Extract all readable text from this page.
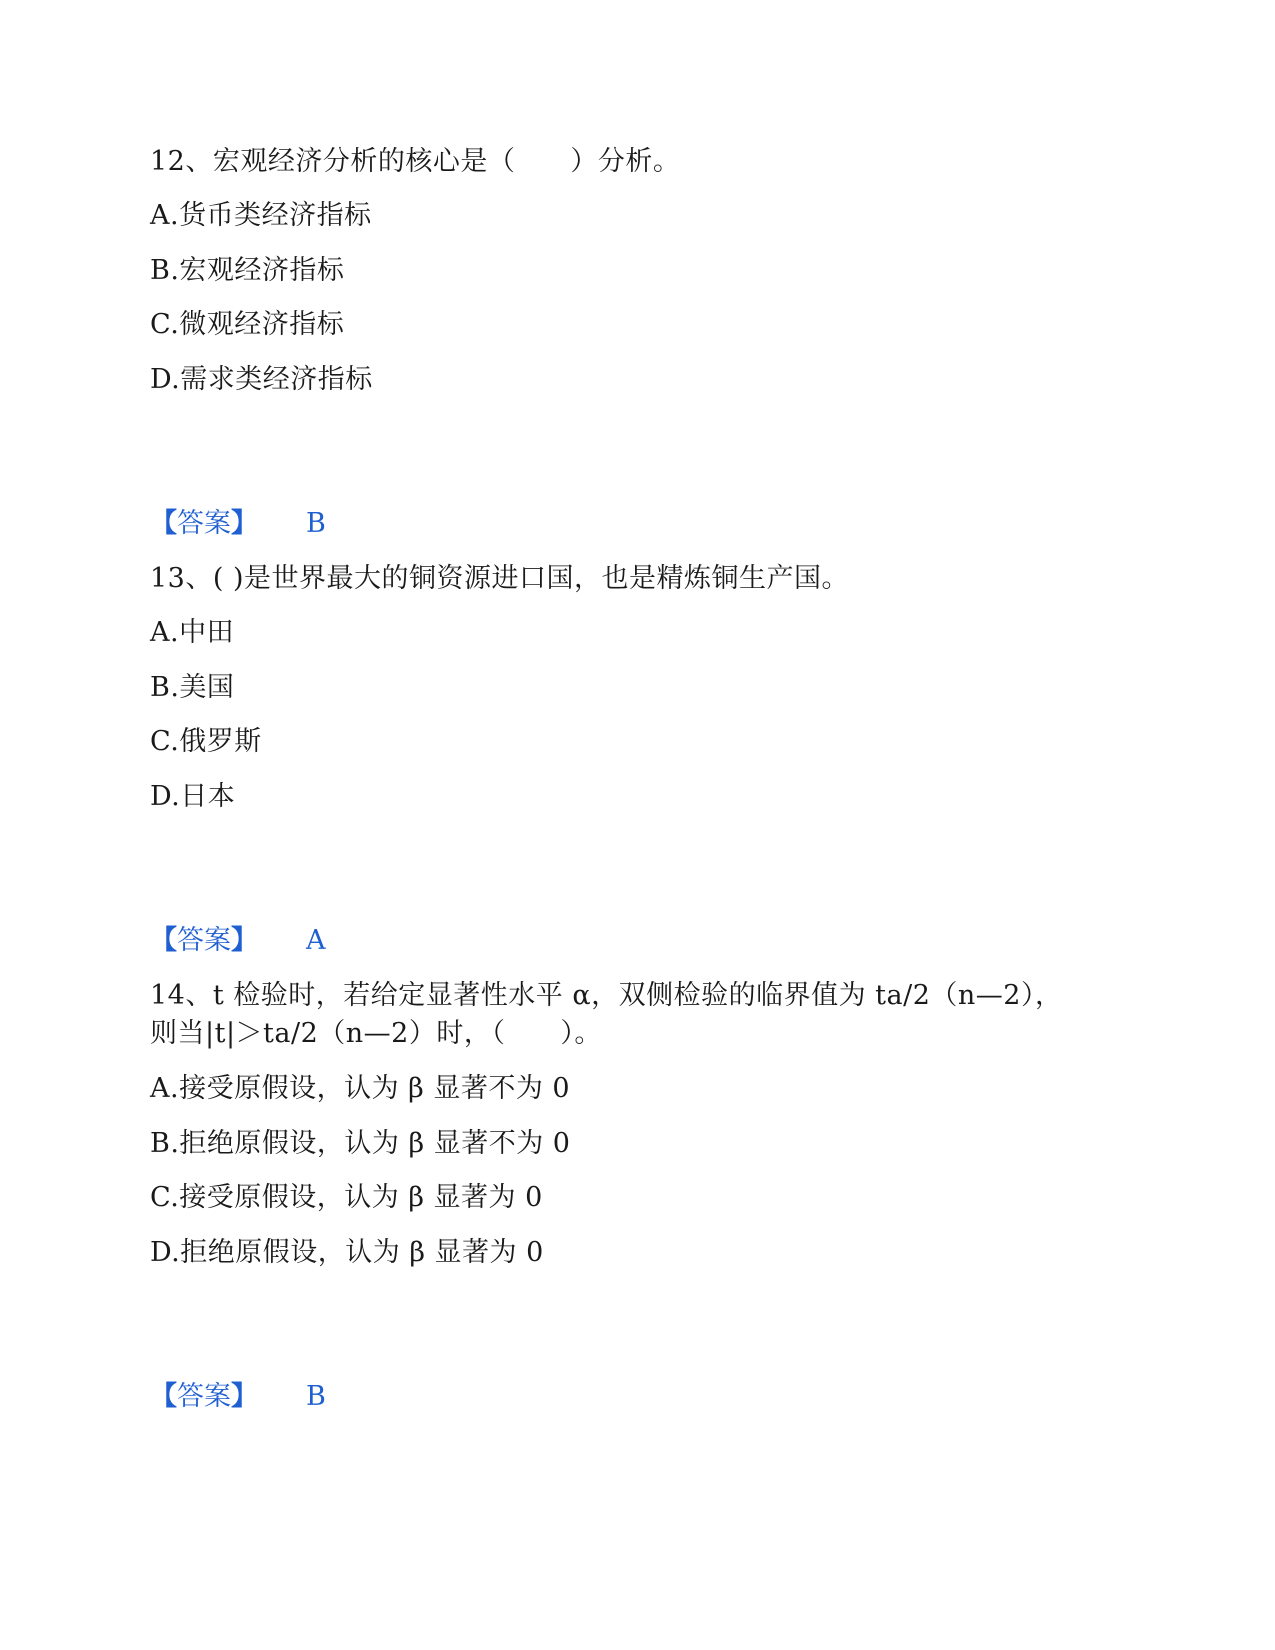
12、宏观经济分析的核心是（　　）分析。
A.货币类经济指标
B.宏观经济指标
C.微观经济指标
D.需求类经济指标
【答案】 B
13、( )是世界最大的铜资源进口国，也是精炼铜生产国。
A.中田
B.美国
C.俄罗斯
D.日本
【答案】 A
14、t 检验时，若给定显著性水平 α，双侧检验的临界值为 ta/2（n—2），
则当|t|＞ta/2（n—2）时，（　　）。
A.接受原假设，认为 β 显著不为 0
B.拒绝原假设，认为 β 显著不为 0
C.接受原假设，认为 β 显著为 0
D.拒绝原假设，认为 β 显著为 0
【答案】 B
